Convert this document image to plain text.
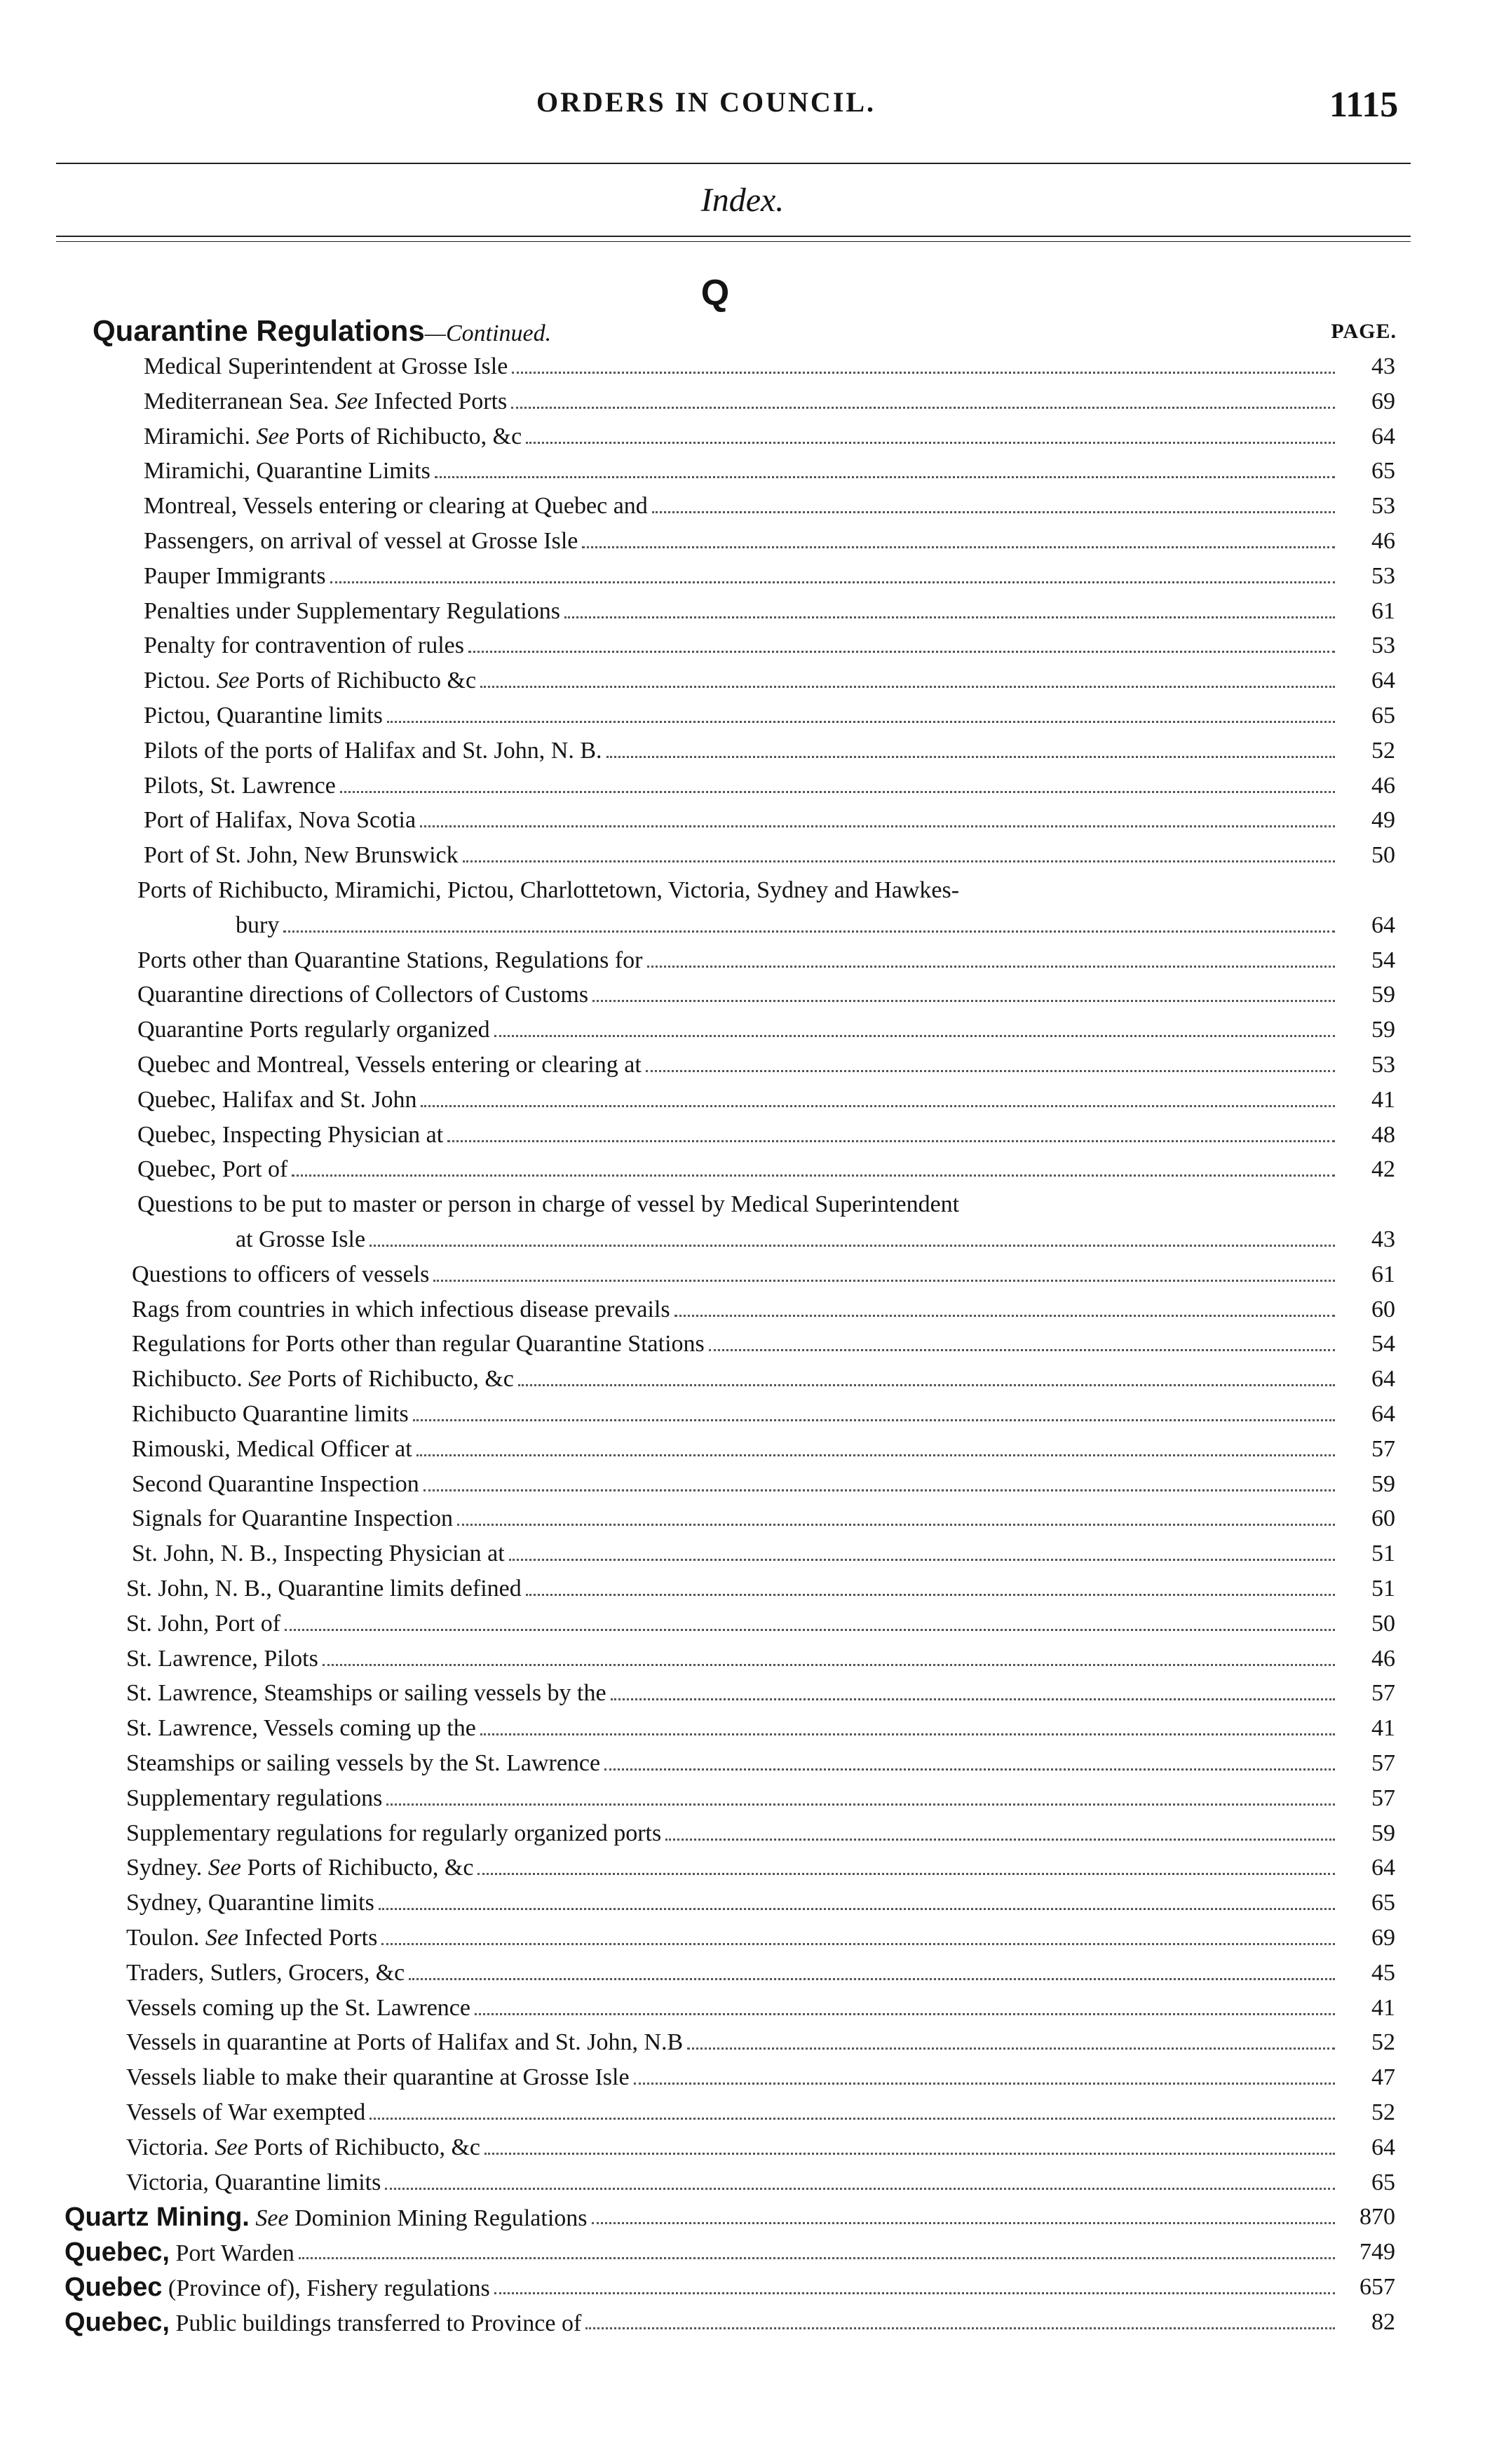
ORDERS IN COUNCIL.	1115
Index.
Q
Quarantine Regulations—Continued.	PAGE.
Medical Superintendent at Grosse Isle	43
Mediterranean Sea. See Infected Ports	69
Miramichi. See Ports of Richibucto, &c	64
Miramichi, Quarantine Limits	65
Montreal, Vessels entering or clearing at Quebec and	53
Passengers, on arrival of vessel at Grosse Isle	46
Pauper Immigrants	53
Penalties under Supplementary Regulations	61
Penalty for contravention of rules	53
Pictou. See Ports of Richibucto &c	64
Pictou, Quarantine limits	65
Pilots of the ports of Halifax and St. John, N. B.	52
Pilots, St. Lawrence	46
Port of Halifax, Nova Scotia	49
Port of St. John, New Brunswick	50
Ports of Richibucto, Miramichi, Pictou, Charlottetown, Victoria, Sydney and Hawkes-
bury	64
Ports other than Quarantine Stations, Regulations for	54
Quarantine directions of Collectors of Customs	59
Quarantine Ports regularly organized	59
Quebec and Montreal, Vessels entering or clearing at	53
Quebec, Halifax and St. John	41
Quebec, Inspecting Physician at	48
Quebec, Port of	42
Questions to be put to master or person in charge of vessel by Medical Superintendent
at Grosse Isle	43
Questions to officers of vessels	61
Rags from countries in which infectious disease prevails	60
Regulations for Ports other than regular Quarantine Stations	54
Richibucto. See Ports of Richibucto, &c	64
Richibucto Quarantine limits	64
Rimouski, Medical Officer at	57
Second Quarantine Inspection	59
Signals for Quarantine Inspection	60
St. John, N. B., Inspecting Physician at	51
St. John, N. B., Quarantine limits defined	51
St. John, Port of	50
St. Lawrence, Pilots	46
St. Lawrence, Steamships or sailing vessels by the	57
St. Lawrence, Vessels coming up the	41
Steamships or sailing vessels by the St. Lawrence	57
Supplementary regulations	57
Supplementary regulations for regularly organized ports	59
Sydney. See Ports of Richibucto, &c	64
Sydney, Quarantine limits	65
Toulon. See Infected Ports	69
Traders, Sutlers, Grocers, &c	45
Vessels coming up the St. Lawrence	41
Vessels in quarantine at Ports of Halifax and St. John, N.B	52
Vessels liable to make their quarantine at Grosse Isle	47
Vessels of War exempted	52
Victoria. See Ports of Richibucto, &c	64
Victoria, Quarantine limits	65
Quartz Mining. See Dominion Mining Regulations	870
Quebec, Port Warden	749
Quebec (Province of), Fishery regulations	657
Quebec, Public buildings transferred to Province of	82
